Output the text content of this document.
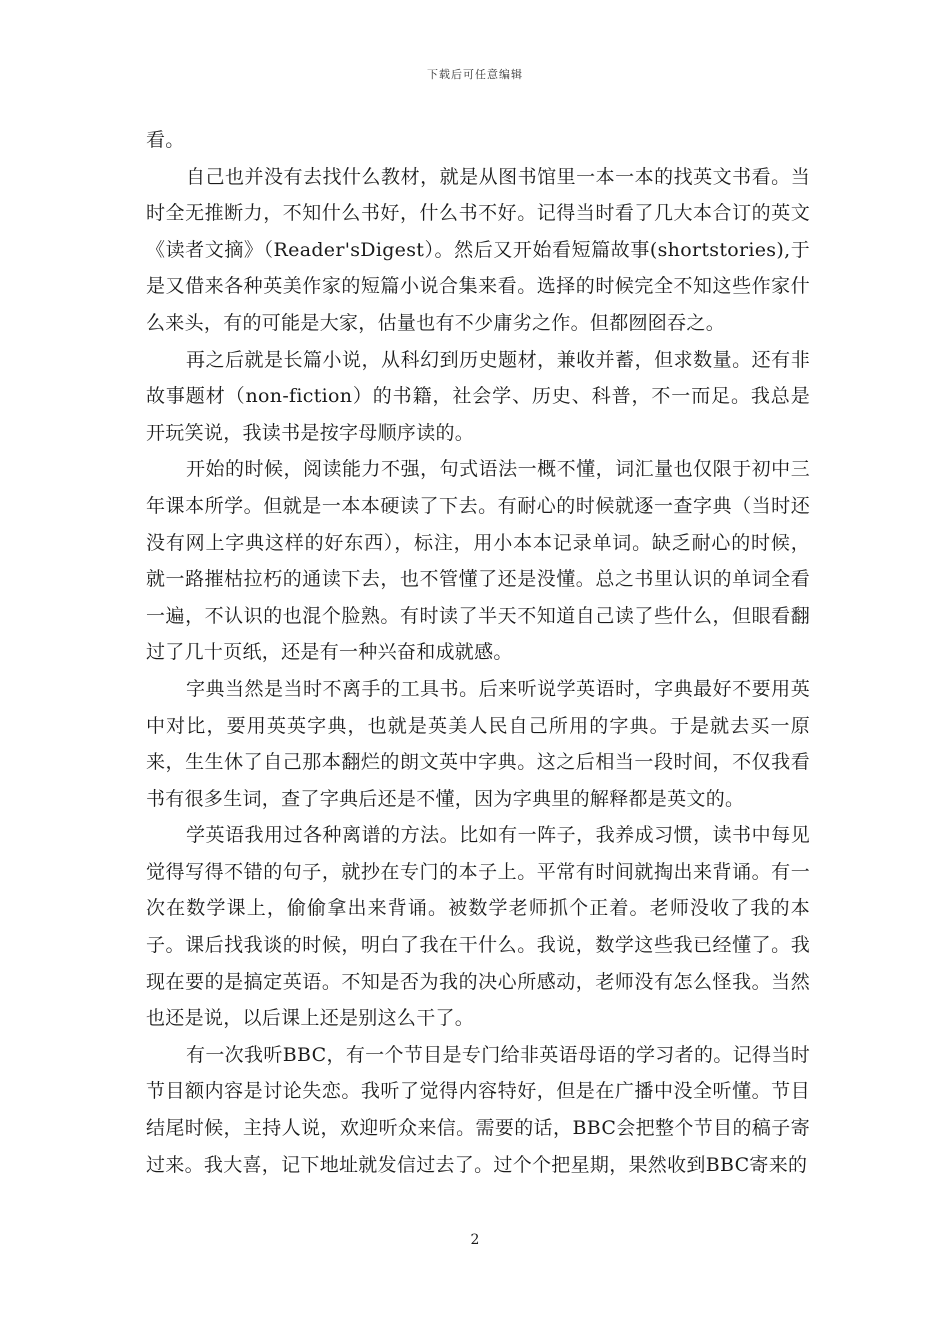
下载后可任意编辑

看。

自己也并没有去找什么教材，就是从图书馆里一本一本的找英文书看。当时全无推断力，不知什么书好，什么书不好。记得当时看了几大本合订的英文《读者文摘》（Reader'sDigest）。然后又开始看短篇故事(shortstories),于是又借来各种英美作家的短篇小说合集来看。选择的时候完全不知这些作家什么来头，有的可能是大家，估量也有不少庸劣之作。但都囫囵吞之。

再之后就是长篇小说，从科幻到历史题材，兼收并蓄，但求数量。还有非故事题材（non-fiction）的书籍，社会学、历史、科普，不一而足。我总是开玩笑说，我读书是按字母顺序读的。

开始的时候，阅读能力不强，句式语法一概不懂，词汇量也仅限于初中三年课本所学。但就是一本本硬读了下去。有耐心的时候就逐一查字典（当时还没有网上字典这样的好东西），标注，用小本本记录单词。缺乏耐心的时候，就一路摧枯拉朽的通读下去，也不管懂了还是没懂。总之书里认识的单词全看一遍，不认识的也混个脸熟。有时读了半天不知道自己读了些什么，但眼看翻过了几十页纸，还是有一种兴奋和成就感。

字典当然是当时不离手的工具书。后来听说学英语时，字典最好不要用英中对比，要用英英字典，也就是英美人民自己所用的字典。于是就去买一原来，生生休了自己那本翻烂的朗文英中字典。这之后相当一段时间，不仅我看书有很多生词，查了字典后还是不懂，因为字典里的解释都是英文的。

学英语我用过各种离谱的方法。比如有一阵子，我养成习惯，读书中每见觉得写得不错的句子，就抄在专门的本子上。平常有时间就掏出来背诵。有一次在数学课上，偷偷拿出来背诵。被数学老师抓个正着。老师没收了我的本子。课后找我谈的时候，明白了我在干什么。我说，数学这些我已经懂了。我现在要的是搞定英语。不知是否为我的决心所感动，老师没有怎么怪我。当然也还是说，以后课上还是别这么干了。

有一次我听BBC，有一个节目是专门给非英语母语的学习者的。记得当时节目额内容是讨论失恋。我听了觉得内容特好，但是在广播中没全听懂。节目结尾时候，主持人说，欢迎听众来信。需要的话，BBC会把整个节目的稿子寄过来。我大喜，记下地址就发信过去了。过个个把星期，果然收到BBC寄来的

2
